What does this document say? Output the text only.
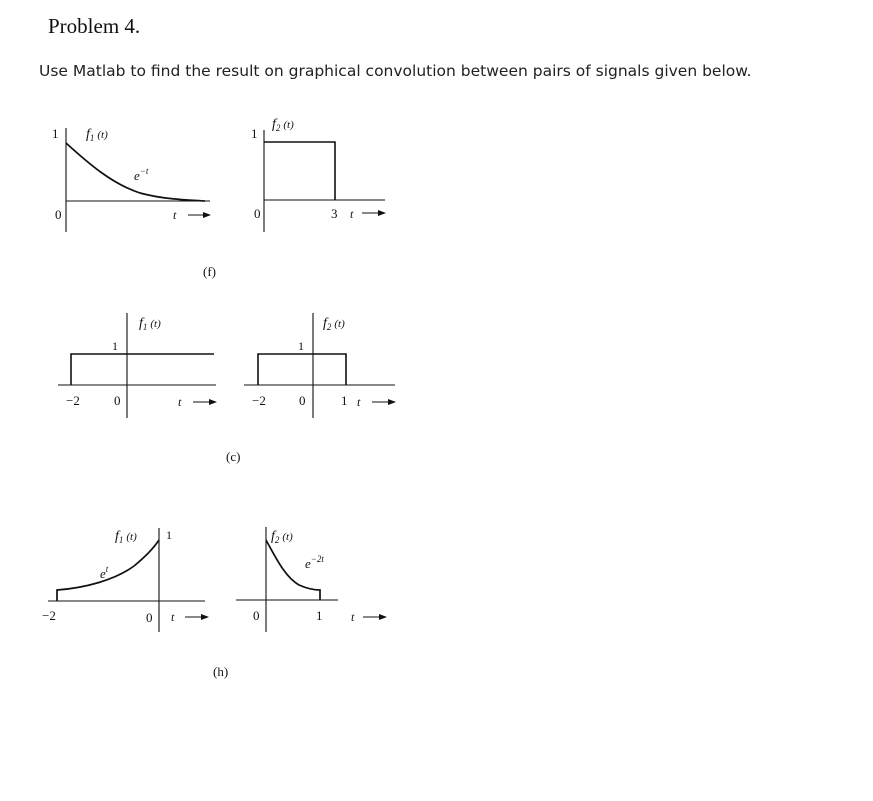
Problem 4.

Use Matlab to find the result on graphical convolution between pairs of signals given below.

1
0
$f_1$ $^{(t)}$
$e^{-t}$
t
1
0	3
$f_2$ $^{(t)}$
t
(f)
1
−2	0
$f_1$ $^{(t)}$
t
1
−2	0	1
$f_2$ $^{(t)}$
t
(c)
1
−2	0
$f_1$ $^{(t)}$
$e^t$
t	0	1
$f_2$ $^{(t)}$
$e^{-2t}$
t
(h)
